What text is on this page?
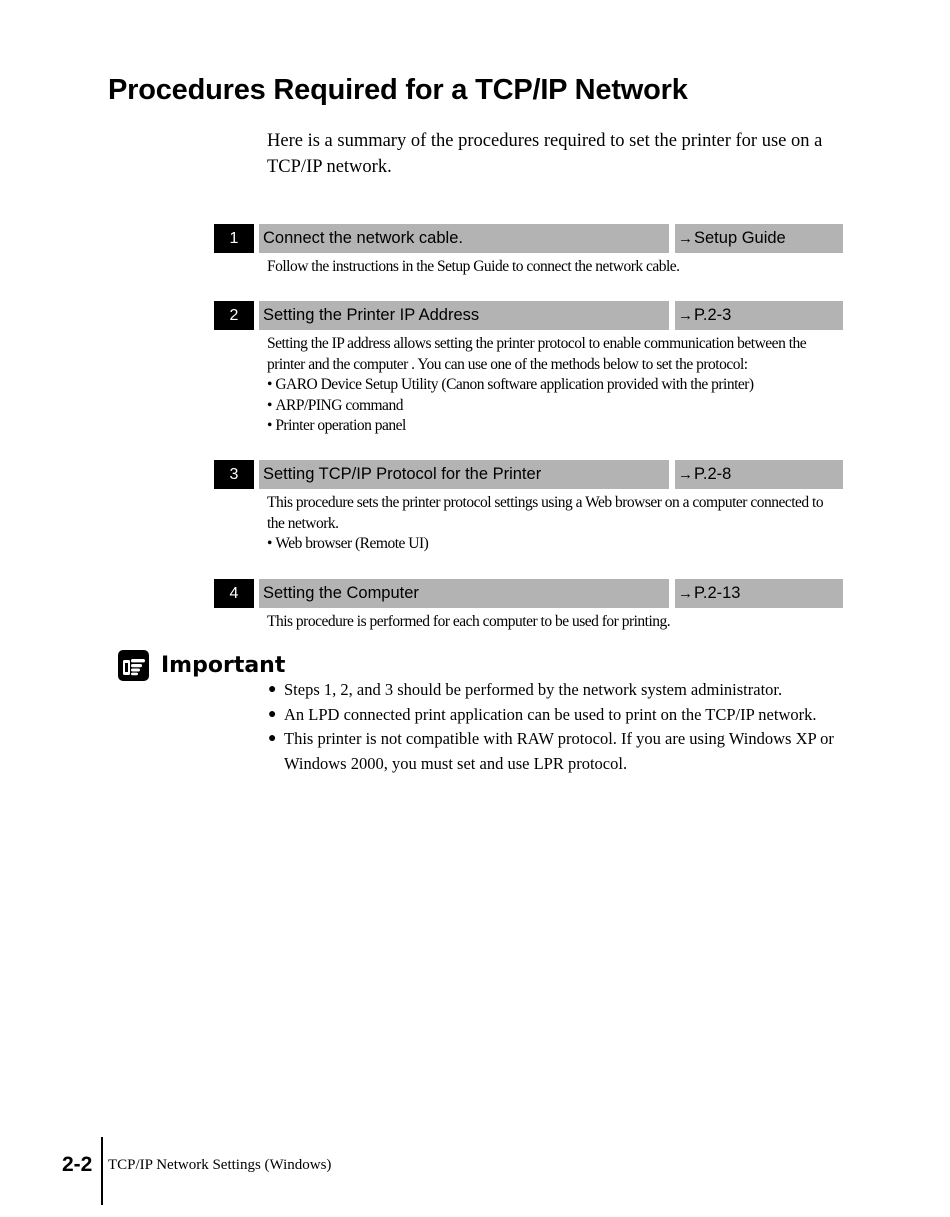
Procedures Required for a TCP/IP Network

Here is a summary of the procedures required to set the printer for use on a TCP/IP network.

1	Connect the network cable.	→ Setup Guide

Follow the instructions in the Setup Guide to connect the network cable.

2	Setting the Printer IP Address	→ P.2-3

Setting the IP address allows setting the printer protocol to enable communication between the printer and the computer . You can use one of the methods below to set the protocol:

• GARO Device Setup Utility (Canon software application provided with the printer)
• ARP/PING command
• Printer operation panel
3	Setting TCP/IP Protocol for the Printer	→ P.2-8

This procedure sets the printer protocol settings using a Web browser on a computer connected to the network.

• Web browser (Remote UI)
4	Setting the Computer	→ P.2-13

This procedure is performed for each computer to be used for printing.

Important
● Steps 1, 2, and 3 should be performed by the network system administrator.
● An LPD connected print application can be used to print on the TCP/IP network.
● This printer is not compatible with RAW protocol. If you are using Windows XP or Windows 2000, you must set and use LPR protocol.
2-2 TCP/IP Network Settings (Windows)
